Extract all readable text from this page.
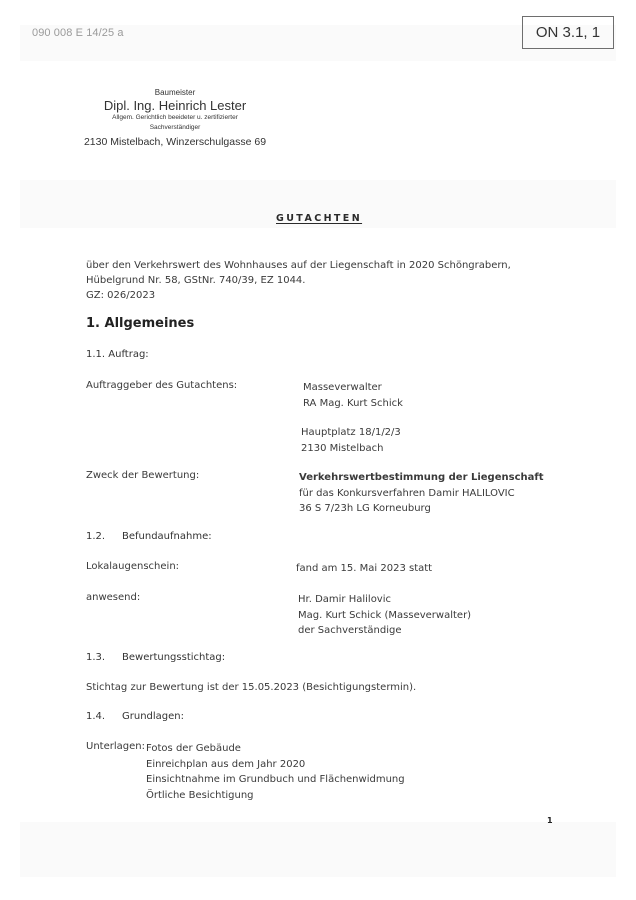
090 008 E 14/25 a	ON 3.1, 1
Baumeister
Dipl. Ing. Heinrich Lester
Allgem. Gerichtlich beeideter u. zertifizierter
Sachverständiger
2130 Mistelbach, Winzerschulgasse 69
GUTACHTEN
über den Verkehrswert des Wohnhauses auf der Liegenschaft in 2020 Schöngrabern,
Hübelgrund Nr. 58, GStNr. 740/39, EZ 1044.
GZ: 026/2023
1. Allgemeines
1.1. Auftrag:
Auftraggeber des Gutachtens:	Masseverwalter
RA Mag. Kurt Schick
Hauptplatz 18/1/2/3
2130 Mistelbach
Zweck der Bewertung:	Verkehrswertbestimmung der Liegenschaft
für das Konkursverfahren Damir HALILOVIC
36 S 7/23h LG Korneuburg
1.2. Befundaufnahme:
Lokalaugenschein:	fand am 15. Mai 2023 statt
anwesend:	Hr. Damir Halilovic
Mag. Kurt Schick (Masseverwalter)
der Sachverständige
1.3. Bewertungsstichtag:
Stichtag zur Bewertung ist der 15.05.2023 (Besichtigungstermin).
1.4. Grundlagen:
Unterlagen: Fotos der Gebäude
Einreichplan aus dem Jahr 2020
Einsichtnahme im Grundbuch und Flächenwidmung
Örtliche Besichtigung
1
